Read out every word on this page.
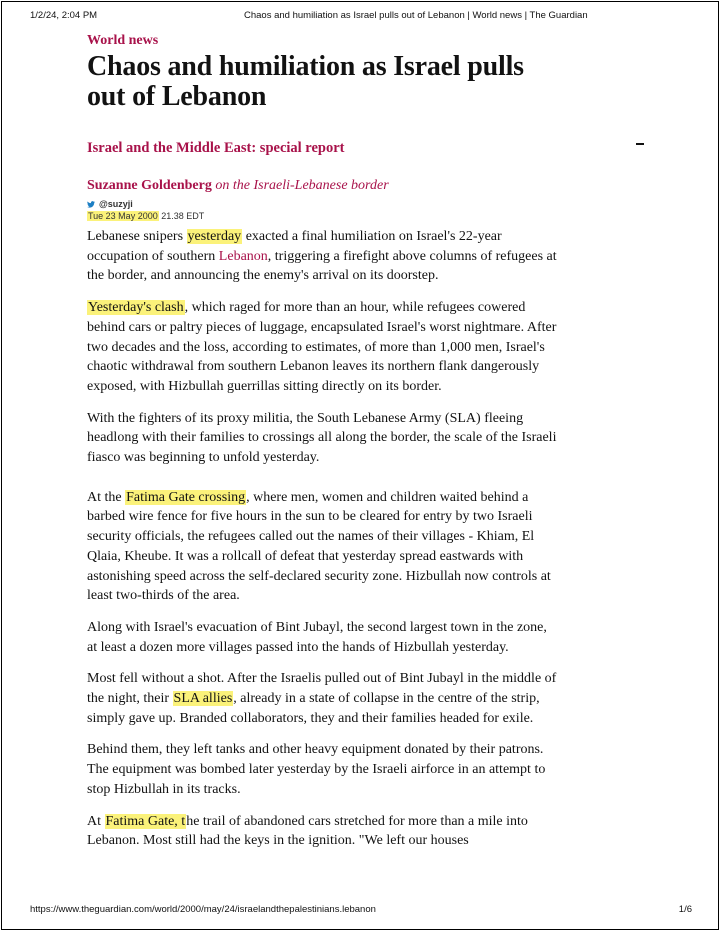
1/2/24, 2:04 PM	Chaos and humiliation as Israel pulls out of Lebanon | World news | The Guardian
World news
Chaos and humiliation as Israel pulls out of Lebanon
Israel and the Middle East: special report
Suzanne Goldenberg on the Israeli-Lebanese border
@suzyji
Tue 23 May 2000 21.38 EDT

Lebanese snipers yesterday exacted a final humiliation on Israel's 22-year occupation of southern Lebanon, triggering a firefight above columns of refugees at the border, and announcing the enemy's arrival on its doorstep.

Yesterday's clash, which raged for more than an hour, while refugees cowered behind cars or paltry pieces of luggage, encapsulated Israel's worst nightmare. After two decades and the loss, according to estimates, of more than 1,000 men, Israel's chaotic withdrawal from southern Lebanon leaves its northern flank dangerously exposed, with Hizbullah guerrillas sitting directly on its border.

With the fighters of its proxy militia, the South Lebanese Army (SLA) fleeing headlong with their families to crossings all along the border, the scale of the Israeli fiasco was beginning to unfold yesterday.

At the Fatima Gate crossing, where men, women and children waited behind a barbed wire fence for five hours in the sun to be cleared for entry by two Israeli security officials, the refugees called out the names of their villages - Khiam, El Qlaia, Kheube. It was a rollcall of defeat that yesterday spread eastwards with astonishing speed across the self-declared security zone. Hizbullah now controls at least two-thirds of the area.

Along with Israel's evacuation of Bint Jubayl, the second largest town in the zone, at least a dozen more villages passed into the hands of Hizbullah yesterday.

Most fell without a shot. After the Israelis pulled out of Bint Jubayl in the middle of the night, their SLA allies, already in a state of collapse in the centre of the strip, simply gave up. Branded collaborators, they and their families headed for exile.

Behind them, they left tanks and other heavy equipment donated by their patrons. The equipment was bombed later yesterday by the Israeli airforce in an attempt to stop Hizbullah in its tracks.

At Fatima Gate, the trail of abandoned cars stretched for more than a mile into Lebanon. Most still had the keys in the ignition. "We left our houses

https://www.theguardian.com/world/2000/may/24/israelandthepalestinians.lebanon	1/6
